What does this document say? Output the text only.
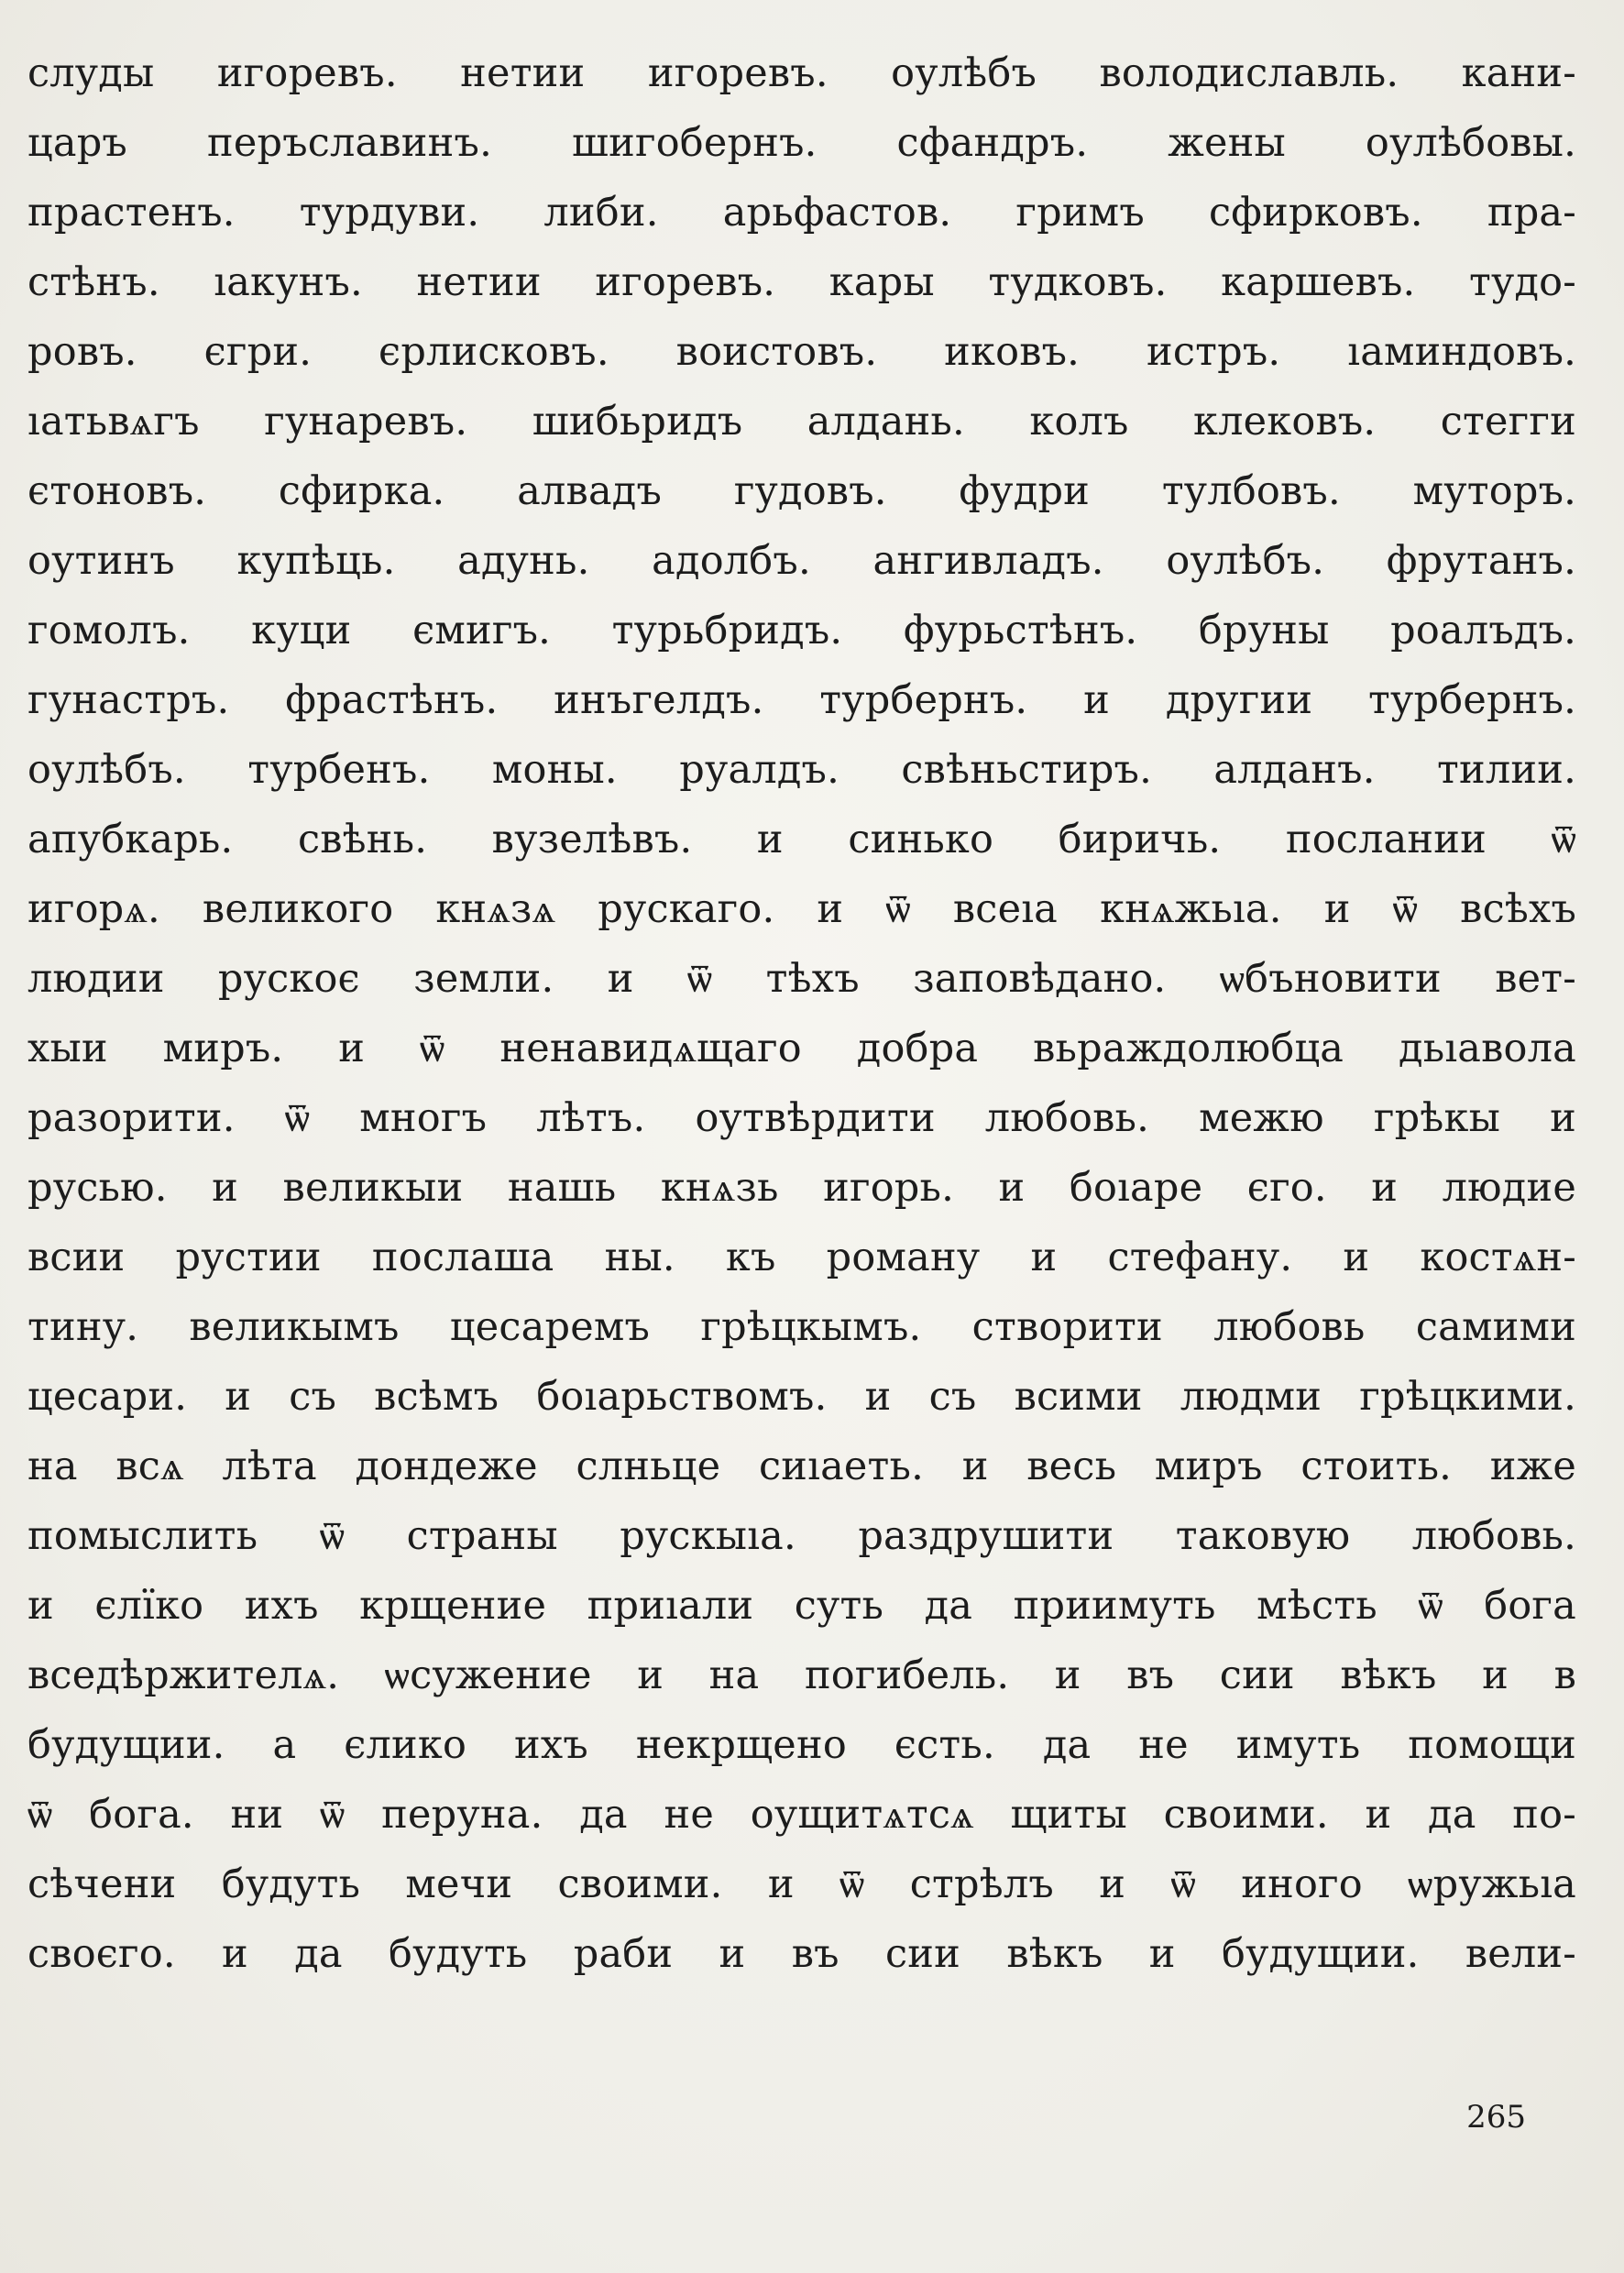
слуды игоревъ. нетии игоревъ. оулѣбъ володиславль. кани-
царъ перъславинъ. шигобернъ. сфандръ. жены оулѣбовы.
прастенъ. турдуви. либи. арьфастов. гримъ сфирковъ. пра-
стѣнъ. ıакунъ. нетии игоревъ. кары тудковъ. каршевъ. тудо-
ровъ. єгри. єрлисковъ. воистовъ. иковъ. истръ. ıаминдовъ.
ıатьвѧгъ гунаревъ. шибьридъ алдань. колъ клековъ. стегги
єтоновъ. сфирка. алвадъ гудовъ. фудри тулбовъ. муторъ.
оутинъ купѣць. адунь. адолбъ. ангивладъ. оулѣбъ. фрутанъ.
гомолъ. куци ємигъ. турьбридъ. фурьстѣнъ. бруны роалъдъ.
гунастръ. фрастѣнъ. инъгелдъ. турбернъ. и другии турбернъ.
оулѣбъ. турбенъ. моны. руалдъ. свѣньстиръ. алданъ. тилии.
апубкарь. свѣнь. вузелѣвъ. и синько биричь. послании ѿ
игорѧ. великого кнѧзѧ рускаго. и ѿ всеıа кнѧжьıа. и ѿ всѣхъ
людии рускоє земли. и ѿ тѣхъ заповѣдано. ѡбъновити вет-
хыи миръ. и ѿ ненавидѧщаго добра вьраждолюбца дьıавола
разорити. ѿ многъ лѣтъ. оутвѣрдити любовь. межю грѣкы и
русью. и великыи нашь кнѧзь игорь. и боıаре єго. и людие
всии рустии послаша ны. къ роману и стефану. и костѧн-
тину. великымъ цесаремъ грѣцкымъ. створити любовь самими
цесари. и съ всѣмъ боıарьствомъ. и съ всими людми грѣцкими.
на всѧ лѣта дондеже слньце сиıаеть. и весь миръ стоить. иже
помыслить ѿ страны рускыıа. раздрушити таковую любовь.
и єлїко ихъ крщение приıали суть да приимуть мѣсть ѿ бога
вседѣржителѧ. ѡсужение и на погибель. и въ сии вѣкъ и в
будущии. а єлико ихъ некрщено єсть. да не имуть помощи
ѿ бога. ни ѿ перуна. да не оущитѧтсѧ щиты своими. и да по-
сѣчени будуть мечи своими. и ѿ стрѣлъ и ѿ иного ѡружьıа
своєго. и да будуть раби и въ сии вѣкъ и будущии. вели-
265
